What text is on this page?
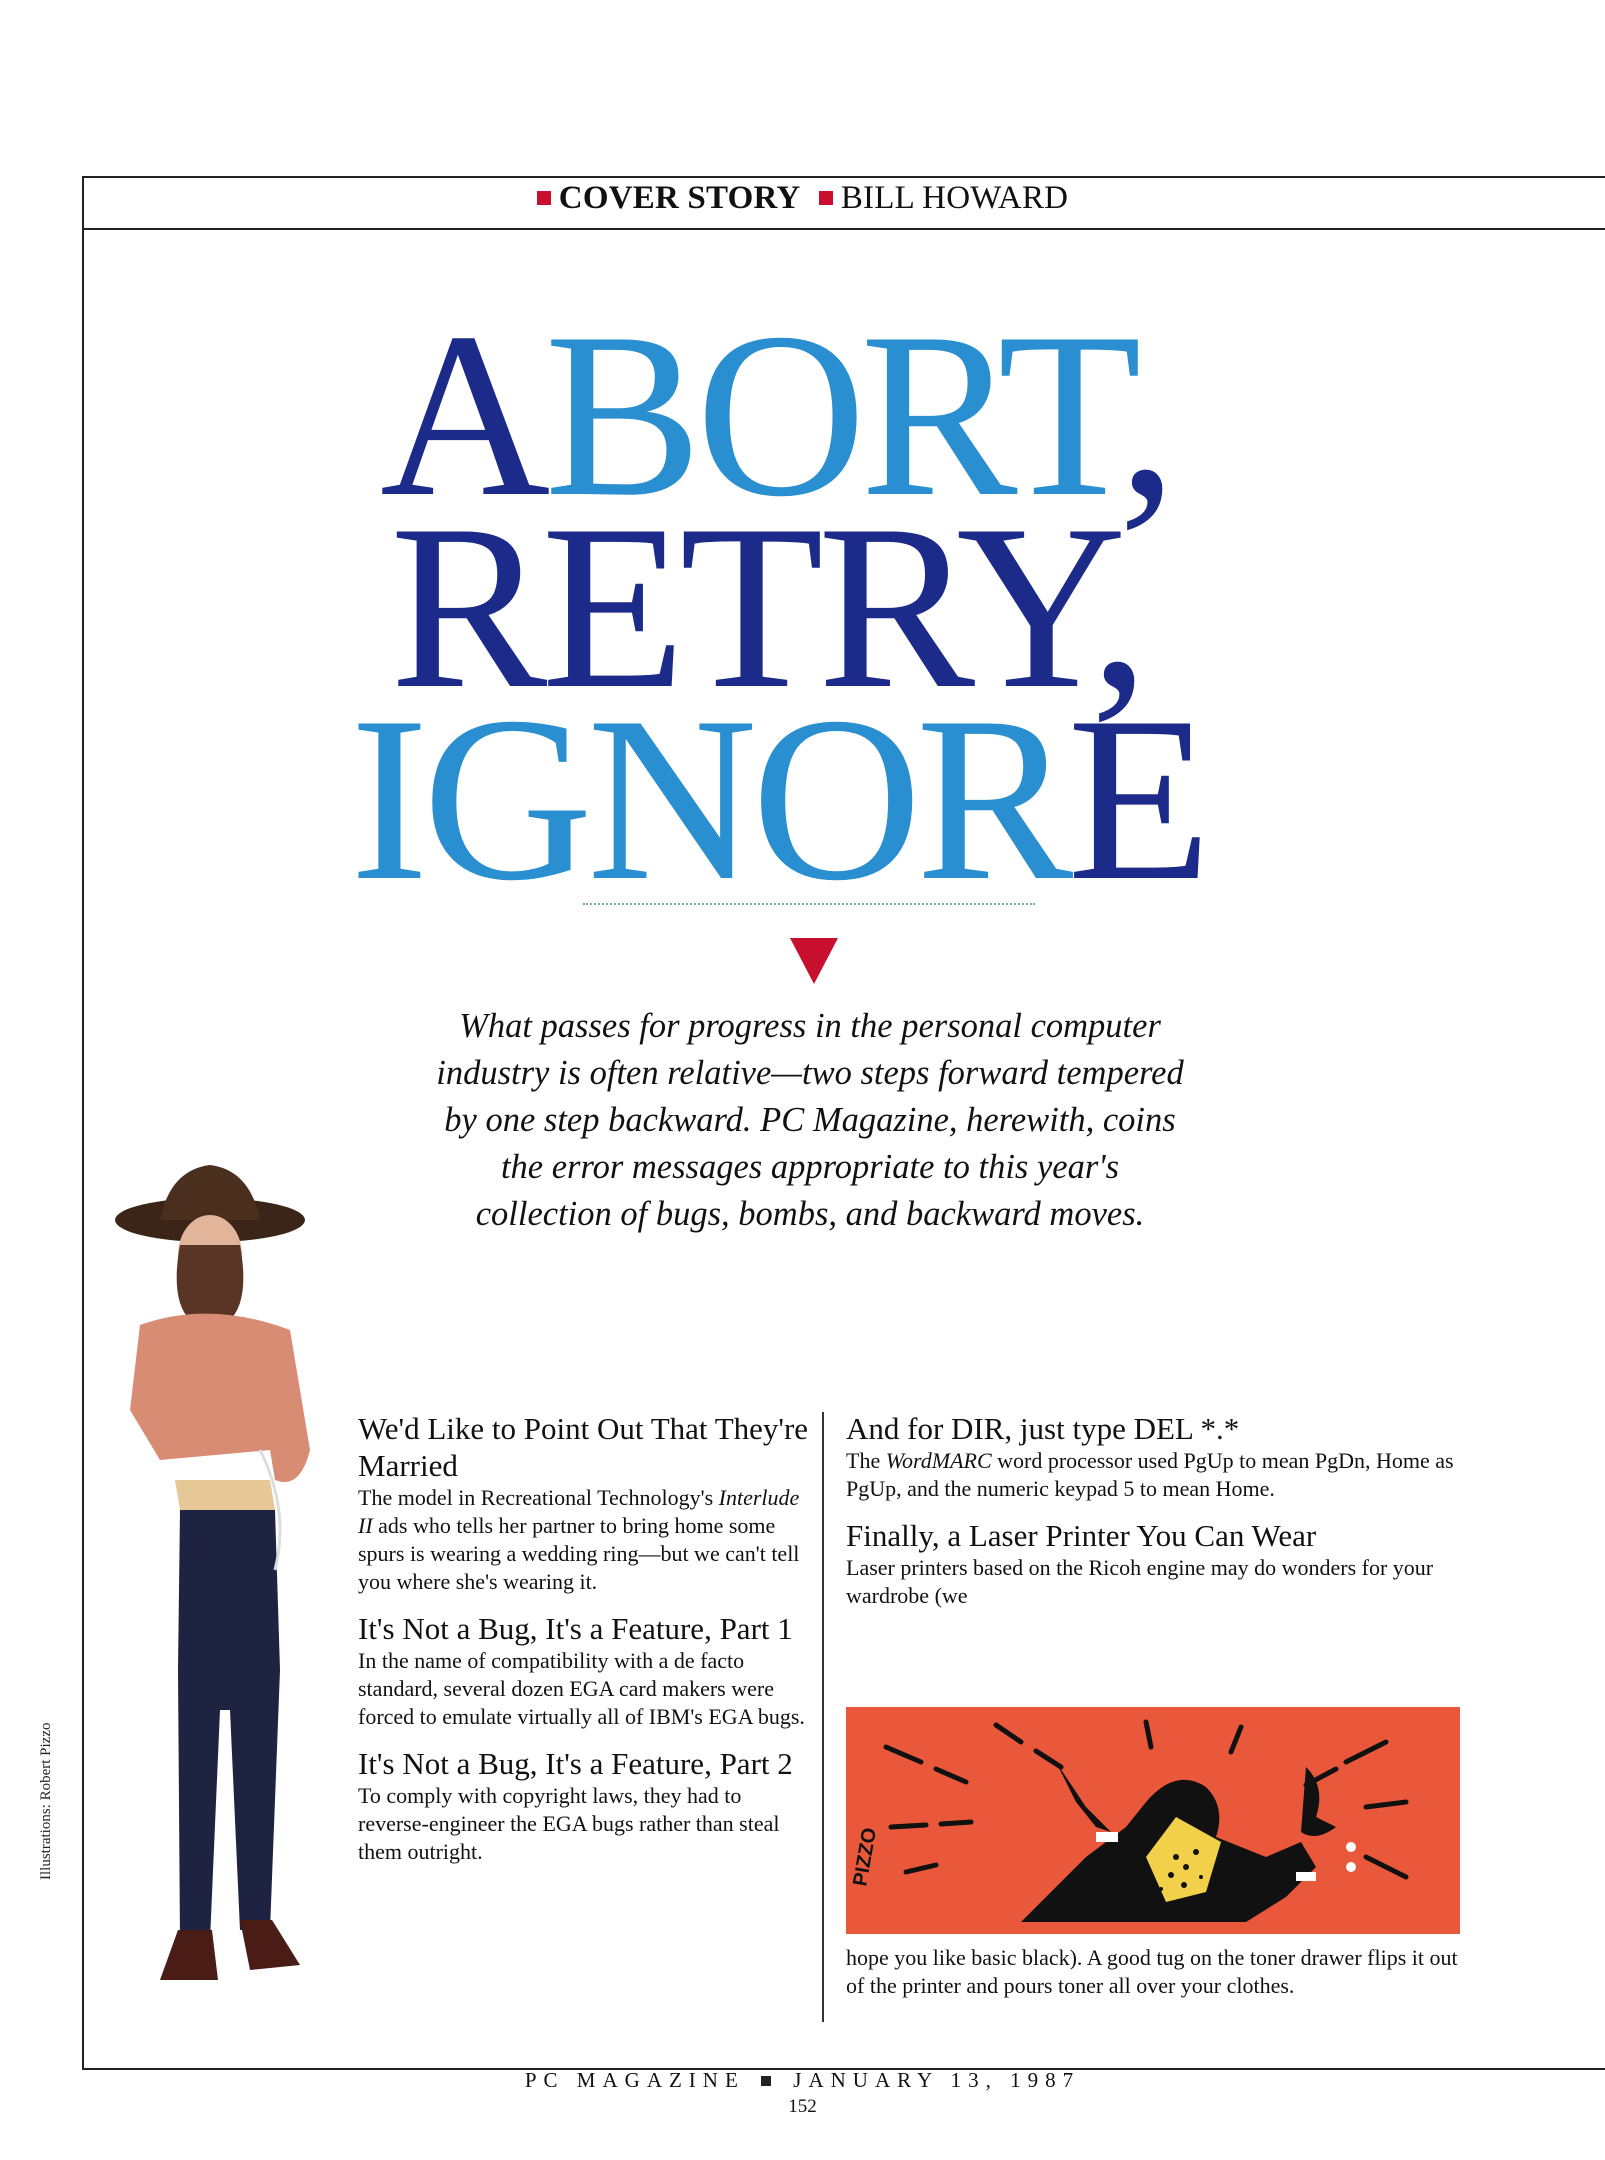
COVER STORY BILL HOWARD
ABORT,
RETRY,
IGNORE
What passes for progress in the personal computer industry is often relative—two steps forward tempered by one step backward. PC Magazine, herewith, coins the error messages appropriate to this year's collection of bugs, bombs, and backward moves.
Illustrations: Robert Pizzo
We'd Like to Point Out That They're Married

The model in Recreational Technology's Interlude II ads who tells her partner to bring home some spurs is wearing a wedding ring—but we can't tell you where she's wearing it.

It's Not a Bug, It's a Feature, Part 1

In the name of compatibility with a de facto standard, several dozen EGA card makers were forced to emulate virtually all of IBM's EGA bugs.

It's Not a Bug, It's a Feature, Part 2

To comply with copyright laws, they had to reverse-engineer the EGA bugs rather than steal them outright.

And for DIR, just type DEL *.*

The WordMARC word processor used PgUp to mean PgDn, Home as PgUp, and the numeric keypad 5 to mean Home.

Finally, a Laser Printer You Can Wear

Laser printers based on the Ricoh engine may do wonders for your wardrobe (we

PIZZO
hope you like basic black). A good tug on the toner drawer flips it out of the printer and pours toner all over your clothes.
PC MAGAZINE JANUARY 13, 1987
152
